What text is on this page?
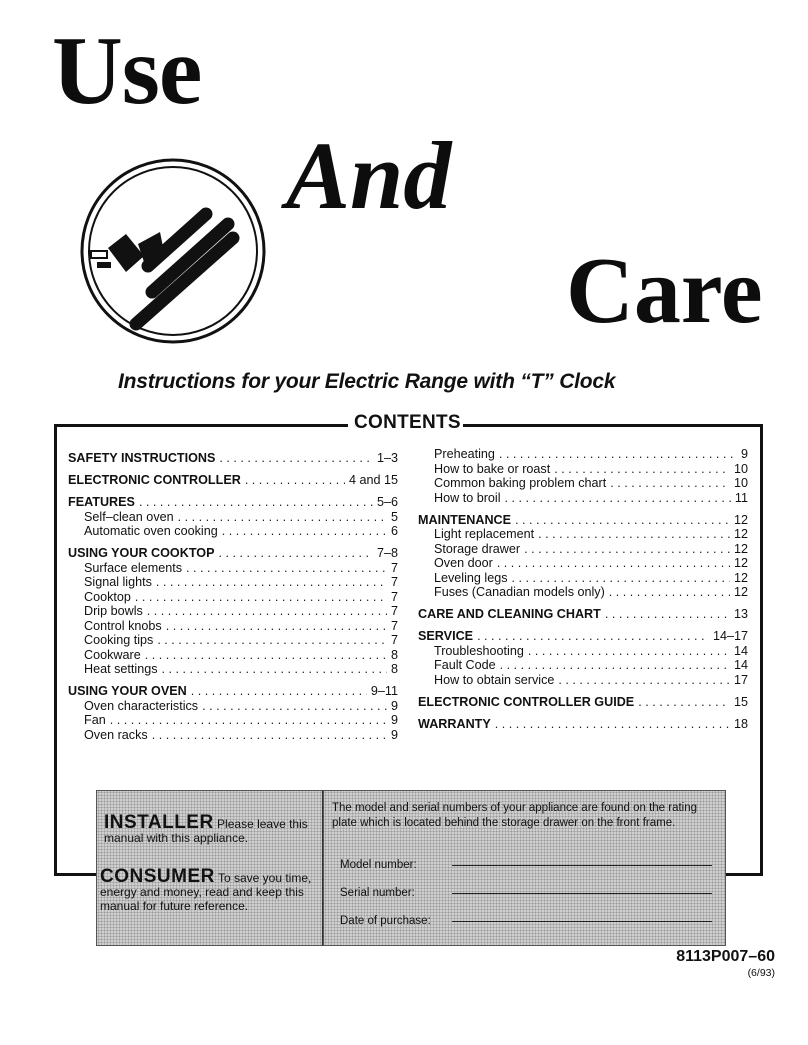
Use
And
Care
Instructions for your Electric Range with “T” Clock
CONTENTS
SAFETY INSTRUCTIONS . . .	1–3
ELECTRONIC CONTROLLER . . .	4 and 15
FEATURES . . .	5–6
Self–clean oven . . .	5
Automatic oven cooking . . .	6
USING YOUR COOKTOP . . .	7–8
Surface elements . . .	7
Signal lights . . .	7
Cooktop . . .	7
Drip bowls . . .	7
Control knobs . . .	7
Cooking tips . . .	7
Cookware . . .	8
Heat settings . . .	8
USING YOUR OVEN . . .	9–11
Oven characteristics . . .	9
Fan . . .	9
Oven racks . . .	9
Preheating . . .	9
How to bake or roast . . .	10
Common baking problem chart . . .	10
How to broil . . .	11
MAINTENANCE . . .	12
Light replacement . . .	12
Storage drawer . . .	12
Oven door . . .	12
Leveling legs . . .	12
Fuses (Canadian models only) . . .	12
CARE AND CLEANING CHART . . .	13
SERVICE . . .	14–17
Troubleshooting . . .	14
Fault Code . . .	14
How to obtain service . . .	17
ELECTRONIC CONTROLLER GUIDE . . .	15
WARRANTY . . .	18
INSTALLER Please leave this manual with this appliance.
CONSUMER To save you time, energy and money, read and keep this manual for future reference.
The model and serial numbers of your appliance are found on the rating plate which is located behind the storage drawer on the front frame.
Model number:
Serial number:
Date of purchase:
8113P007–60
(6/93)
